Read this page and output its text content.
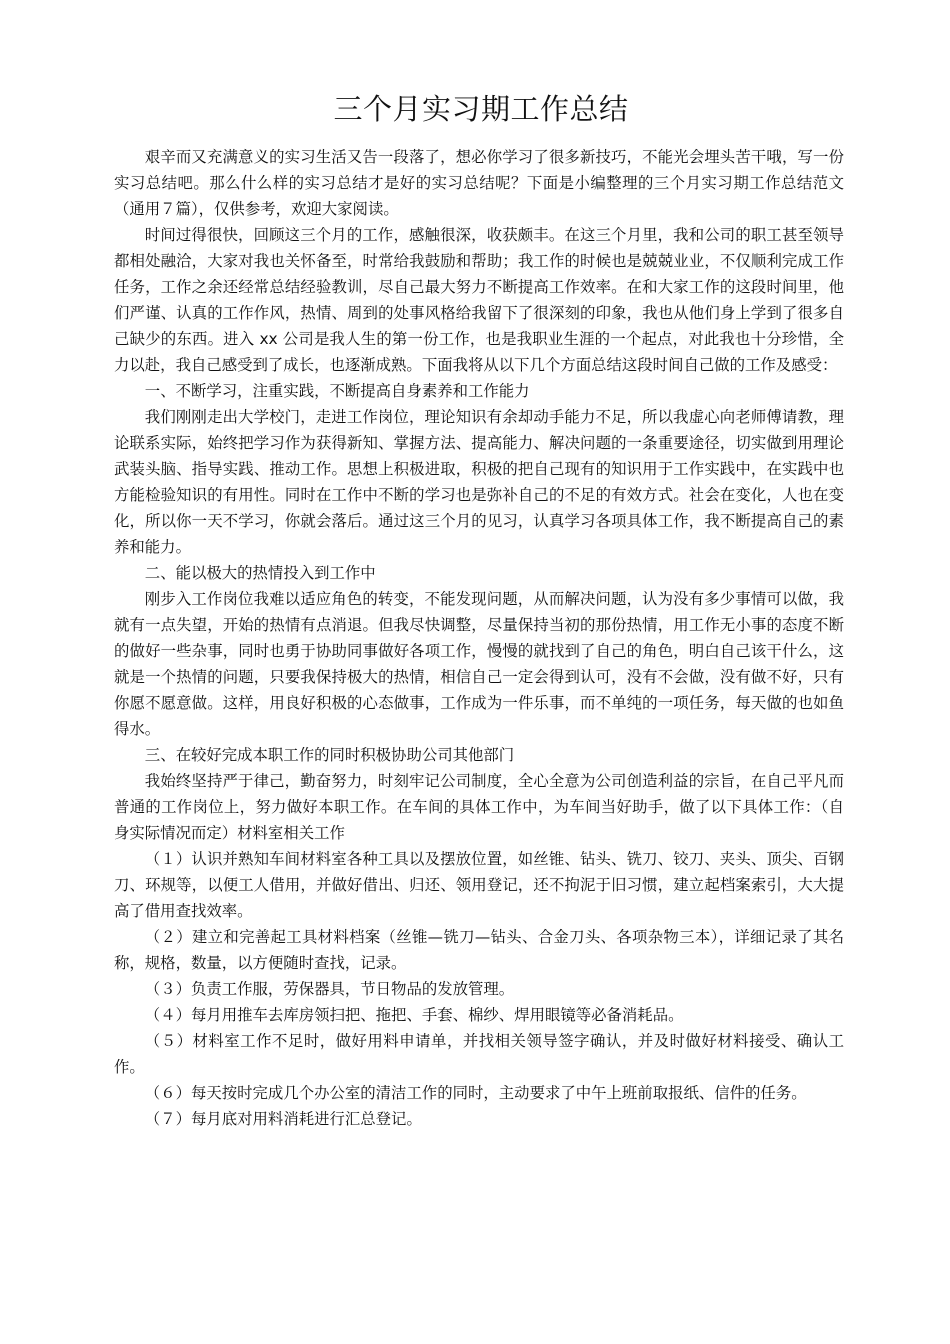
三个月实习期工作总结

艰辛而又充满意义的实习生活又告一段落了，想必你学习了很多新技巧，不能光会埋头苦干哦，写一份实习总结吧。那么什么样的实习总结才是好的实习总结呢？下面是小编整理的三个月实习期工作总结范文（通用７篇），仅供参考，欢迎大家阅读。

时间过得很快，回顾这三个月的工作，感触很深，收获颇丰。在这三个月里，我和公司的职工甚至领导都相处融洽，大家对我也关怀备至，时常给我鼓励和帮助；我工作的时候也是兢兢业业，不仅顺利完成工作任务，工作之余还经常总结经验教训，尽自己最大努力不断提高工作效率。在和大家工作的这段时间里，他们严谨、认真的工作作风，热情、周到的处事风格给我留下了很深刻的印象，我也从他们身上学到了很多自己缺少的东西。进入 xx 公司是我人生的第一份工作，也是我职业生涯的一个起点，对此我也十分珍惜，全力以赴，我自己感受到了成长，也逐渐成熟。下面我将从以下几个方面总结这段时间自己做的工作及感受：

一、不断学习，注重实践，不断提高自身素养和工作能力

我们刚刚走出大学校门，走进工作岗位，理论知识有余却动手能力不足，所以我虚心向老师傅请教，理论联系实际，始终把学习作为获得新知、掌握方法、提高能力、解决问题的一条重要途径，切实做到用理论武装头脑、指导实践、推动工作。思想上积极进取，积极的把自己现有的知识用于工作实践中，在实践中也方能检验知识的有用性。同时在工作中不断的学习也是弥补自己的不足的有效方式。社会在变化，人也在变化，所以你一天不学习，你就会落后。通过这三个月的见习，认真学习各项具体工作，我不断提高自己的素养和能力。

二、能以极大的热情投入到工作中

刚步入工作岗位我难以适应角色的转变，不能发现问题，从而解决问题，认为没有多少事情可以做，我就有一点失望，开始的热情有点消退。但我尽快调整，尽量保持当初的那份热情，用工作无小事的态度不断的做好一些杂事，同时也勇于协助同事做好各项工作，慢慢的就找到了自己的角色，明白自己该干什么，这就是一个热情的问题，只要我保持极大的热情，相信自己一定会得到认可，没有不会做，没有做不好，只有你愿不愿意做。这样，用良好积极的心态做事，工作成为一件乐事，而不单纯的一项任务，每天做的也如鱼得水。

三、在较好完成本职工作的同时积极协助公司其他部门

我始终坚持严于律己，勤奋努力，时刻牢记公司制度，全心全意为公司创造利益的宗旨，在自己平凡而普通的工作岗位上，努力做好本职工作。在车间的具体工作中，为车间当好助手，做了以下具体工作：（自身实际情况而定）材料室相关工作

（１）认识并熟知车间材料室各种工具以及摆放位置，如丝锥、钻头、铣刀、铰刀、夹头、顶尖、百钢刀、环规等，以便工人借用，并做好借出、归还、领用登记，还不拘泥于旧习惯，建立起档案索引，大大提高了借用查找效率。

（２）建立和完善起工具材料档案（丝锥—铣刀—钻头、合金刀头、各项杂物三本），详细记录了其名称，规格，数量，以方便随时查找，记录。

（３）负责工作服，劳保器具，节日物品的发放管理。

（４）每月用推车去库房领扫把、拖把、手套、棉纱、焊用眼镜等必备消耗品。

（５）材料室工作不足时，做好用料申请单，并找相关领导签字确认，并及时做好材料接受、确认工作。

（６）每天按时完成几个办公室的清洁工作的同时，主动要求了中午上班前取报纸、信件的任务。

（７）每月底对用料消耗进行汇总登记。
